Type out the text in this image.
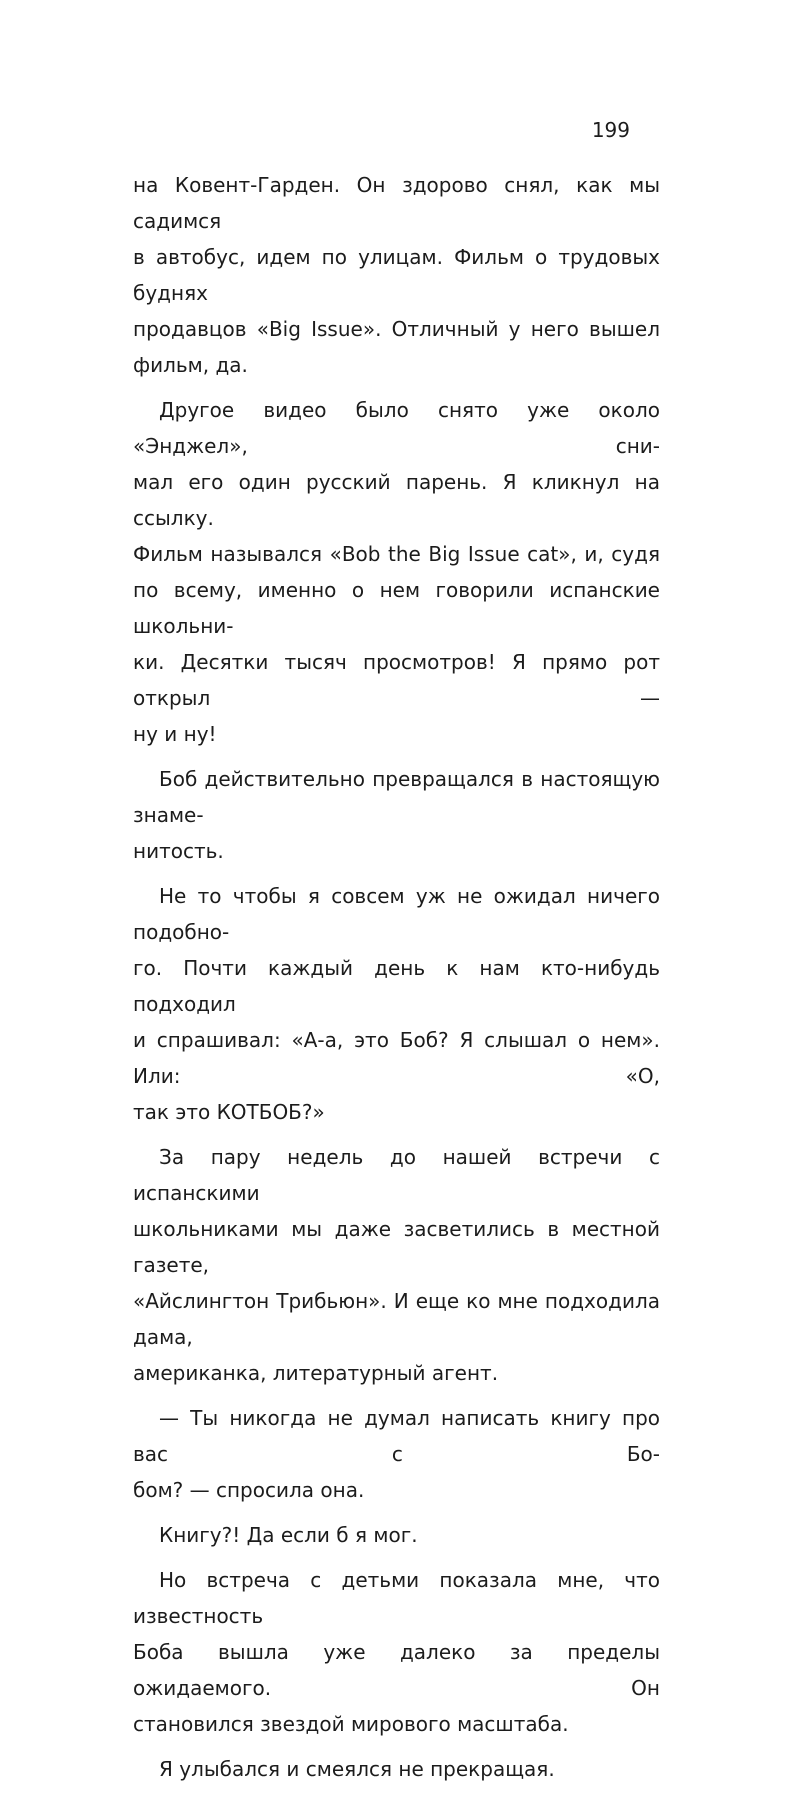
199

на Ковент-Гарден. Он здорово снял, как мы садимся
в автобус, идем по улицам. Фильм о трудовых буднях
продавцов «Big Issue». Отличный у него вышел
фильм, да.

Другое видео было снято уже около «Энджел», сни-
мал его один русский парень. Я кликнул на ссылку.
Фильм назывался «Bob the Big Issue cat», и, судя
по всему, именно о нем говорили испанские школьни-
ки. Десятки тысяч просмотров! Я прямо рот открыл —
ну и ну!

Боб действительно превращался в настоящую знаме-
нитость.

Не то чтобы я совсем уж не ожидал ничего подобно-
го. Почти каждый день к нам кто-нибудь подходил
и спрашивал: «А-а, это Боб? Я слышал о нем». Или: «О,
так это КОТБОБ?»

За пару недель до нашей встречи с испанскими
школьниками мы даже засветились в местной газете,
«Айслингтон Трибьюн». И еще ко мне подходила дама,
американка, литературный агент.

— Ты никогда не думал написать книгу про вас с Бо-
бом? — спросила она.

Книгу?! Да если б я мог.

Но встреча с детьми показала мне, что известность
Боба вышла уже далеко за пределы ожидаемого. Он
становился звездой мирового масштаба.

Я улыбался и смеялся не прекращая.
